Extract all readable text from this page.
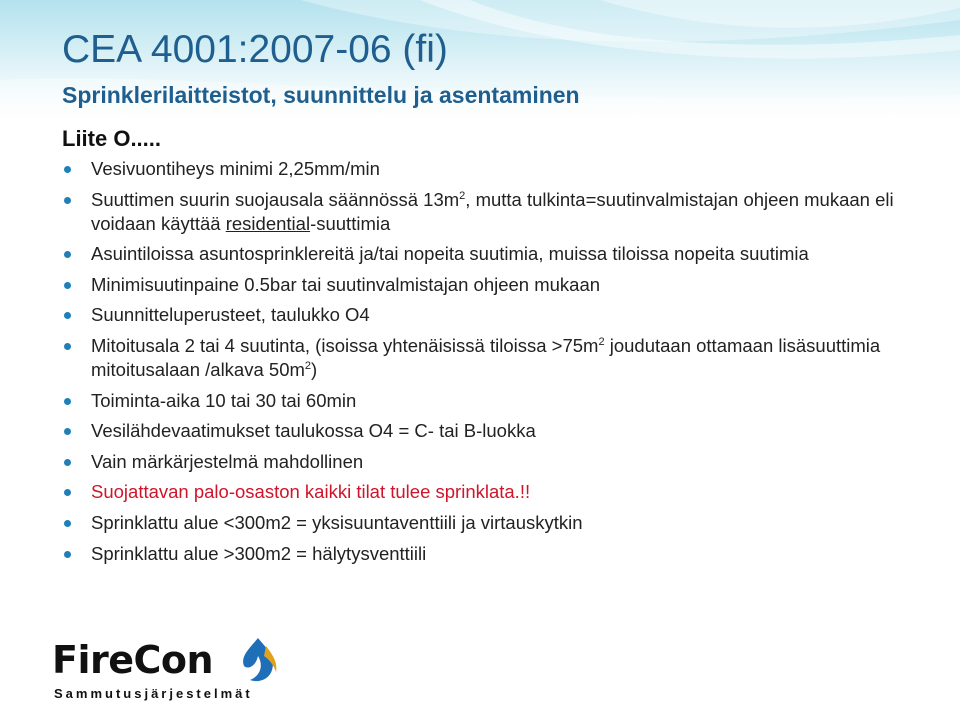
CEA 4001:2007-06 (fi)
Sprinklerilaitteistot, suunnittelu ja asentaminen
Liite O.....
Vesivuontiheys minimi 2,25mm/min
Suuttimen suurin suojausala säännössä $13m^2$, mutta tulkinta=suutinvalmistajan ohjeen mukaan eli voidaan käyttää residential-suuttimia
Asuintiloissa asuntosprinklereitä ja/tai nopeita suutimia, muissa tiloissa nopeita suutimia
Minimisuutinpaine 0.5bar tai suutinvalmistajan ohjeen mukaan
Suunnitteluperusteet, taulukko O4
Mitoitusala 2 tai 4 suutinta, (isoissa yhtenäisissä tiloissa $>75m^2$ joudutaan ottamaan lisäsuuttimia mitoitusalaan /alkava $50m^2$)
Toiminta-aika 10 tai 30 tai 60min
Vesilähdevaatimukset taulukossa O4 = C- tai B-luokka
Vain märkärjestelmä mahdollinen
Suojattavan palo-osaston kaikki tilat tulee sprinklata.!!
Sprinklattu alue <300m2 = yksisuuntaventtiili ja virtauskytkin
Sprinklattu alue >300m2 = hälytysventtiili
FireCon
Sammutusjärjestelmät
